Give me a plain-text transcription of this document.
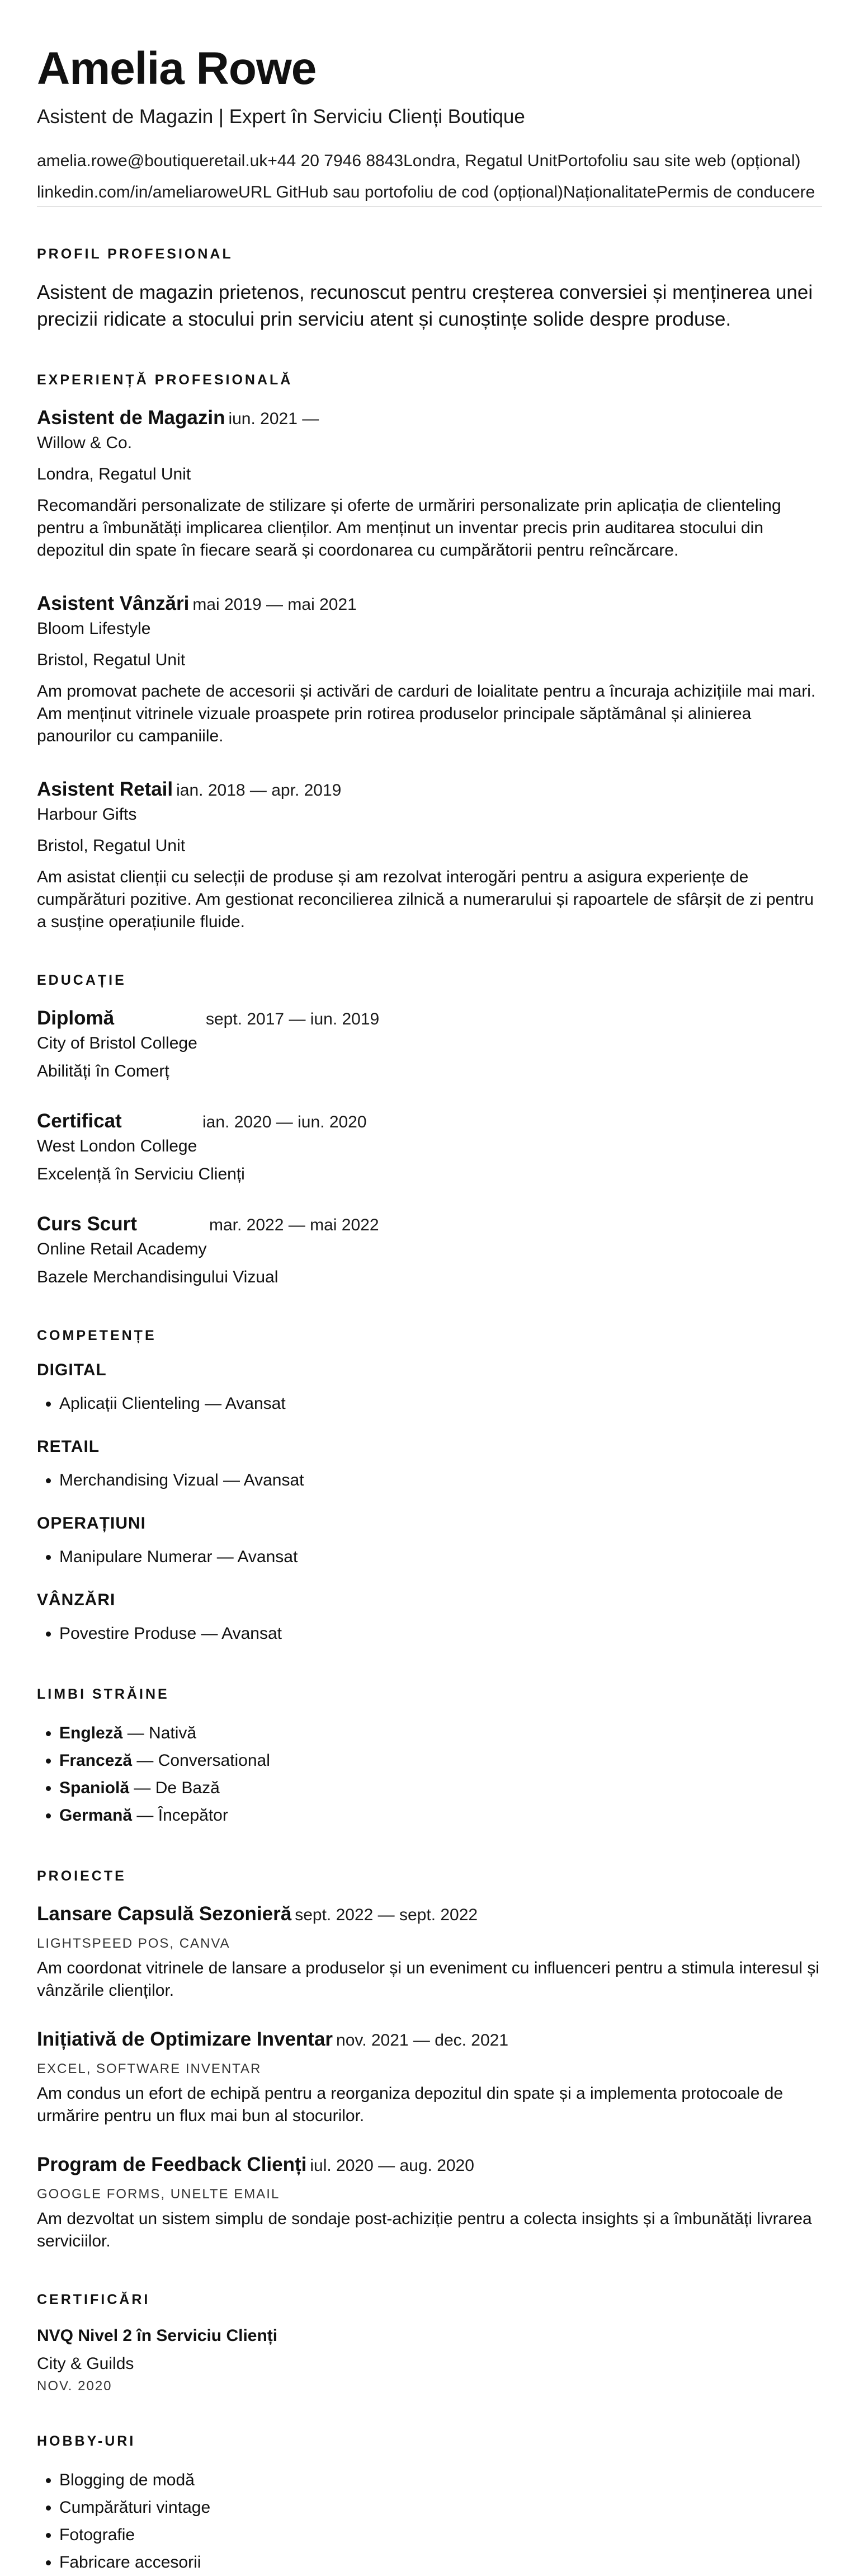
Amelia Rowe
Asistent de Magazin | Expert în Serviciu Clienți Boutique
amelia.rowe@boutiqueretail.uk +44 20 7946 8843 Londra, Regatul Unit Portofoliu sau site web (opțional)
linkedin.com/in/ameliarowe URL GitHub sau portofoliu de cod (opțional) Naționalitate Permis de conducere
PROFIL PROFESIONAL

Asistent de magazin prietenos, recunoscut pentru creșterea conversiei și menținerea unei precizii ridicate a stocului prin serviciu atent și cunoștințe solide despre produse.

EXPERIENȚĂ PROFESIONALĂ
Asistent de Magazin iun. 2021 —
Willow & Co.
Londra, Regatul Unit
Recomandări personalizate de stilizare și oferte de urmăriri personalizate prin aplicația de clienteling pentru a îmbunătăți implicarea clienților. Am menținut un inventar precis prin auditarea stocului din depozitul din spate în fiecare seară și coordonarea cu cumpărătorii pentru reîncărcare.
Asistent Vânzări mai 2019 — mai 2021
Bloom Lifestyle
Bristol, Regatul Unit
Am promovat pachete de accesorii și activări de carduri de loialitate pentru a încuraja achizițiile mai mari. Am menținut vitrinele vizuale proaspete prin rotirea produselor principale săptămânal și alinierea panourilor cu campaniile.
Asistent Retail ian. 2018 — apr. 2019
Harbour Gifts
Bristol, Regatul Unit
Am asistat clienții cu selecții de produse și am rezolvat interogări pentru a asigura experiențe de cumpărături pozitive. Am gestionat reconcilierea zilnică a numerarului și rapoartele de sfârșit de zi pentru a susține operațiunile fluide.
EDUCAȚIE
Diplomă	sept. 2017 — iun. 2019
City of Bristol College
Abilități în Comerț
Certificat	ian. 2020 — iun. 2020
West London College
Excelență în Serviciu Clienți
Curs Scurt	mar. 2022 — mai 2022
Online Retail Academy
Bazele Merchandisingului Vizual
COMPETENȚE
DIGITAL
• Aplicații Clienteling — Avansat
RETAIL
• Merchandising Vizual — Avansat
OPERAȚIUNI
• Manipulare Numerar — Avansat
VÂNZĂRI
• Povestire Produse — Avansat
LIMBI STRĂINE
• Engleză — Nativă
• Franceză — Conversational
• Spaniolă — De Bază
• Germană — Începător
PROIECTE
Lansare Capsulă Sezonieră sept. 2022 — sept. 2022
LIGHTSPEED POS, CANVA
Am coordonat vitrinele de lansare a produselor și un eveniment cu influenceri pentru a stimula interesul și vânzările clienților.
Inițiativă de Optimizare Inventar nov. 2021 — dec. 2021
EXCEL, SOFTWARE INVENTAR
Am condus un efort de echipă pentru a reorganiza depozitul din spate și a implementa protocoale de urmărire pentru un flux mai bun al stocurilor.
Program de Feedback Clienți iul. 2020 — aug. 2020
GOOGLE FORMS, UNELTE EMAIL
Am dezvoltat un sistem simplu de sondaje post-achiziție pentru a colecta insights și a îmbunătăți livrarea serviciilor.
CERTIFICĂRI
NVQ Nivel 2 în Serviciu Clienți
City & Guilds
NOV. 2020
HOBBY-URI
• Blogging de modă
• Cumpărături vintage
• Fotografie
• Fabricare accesorii
